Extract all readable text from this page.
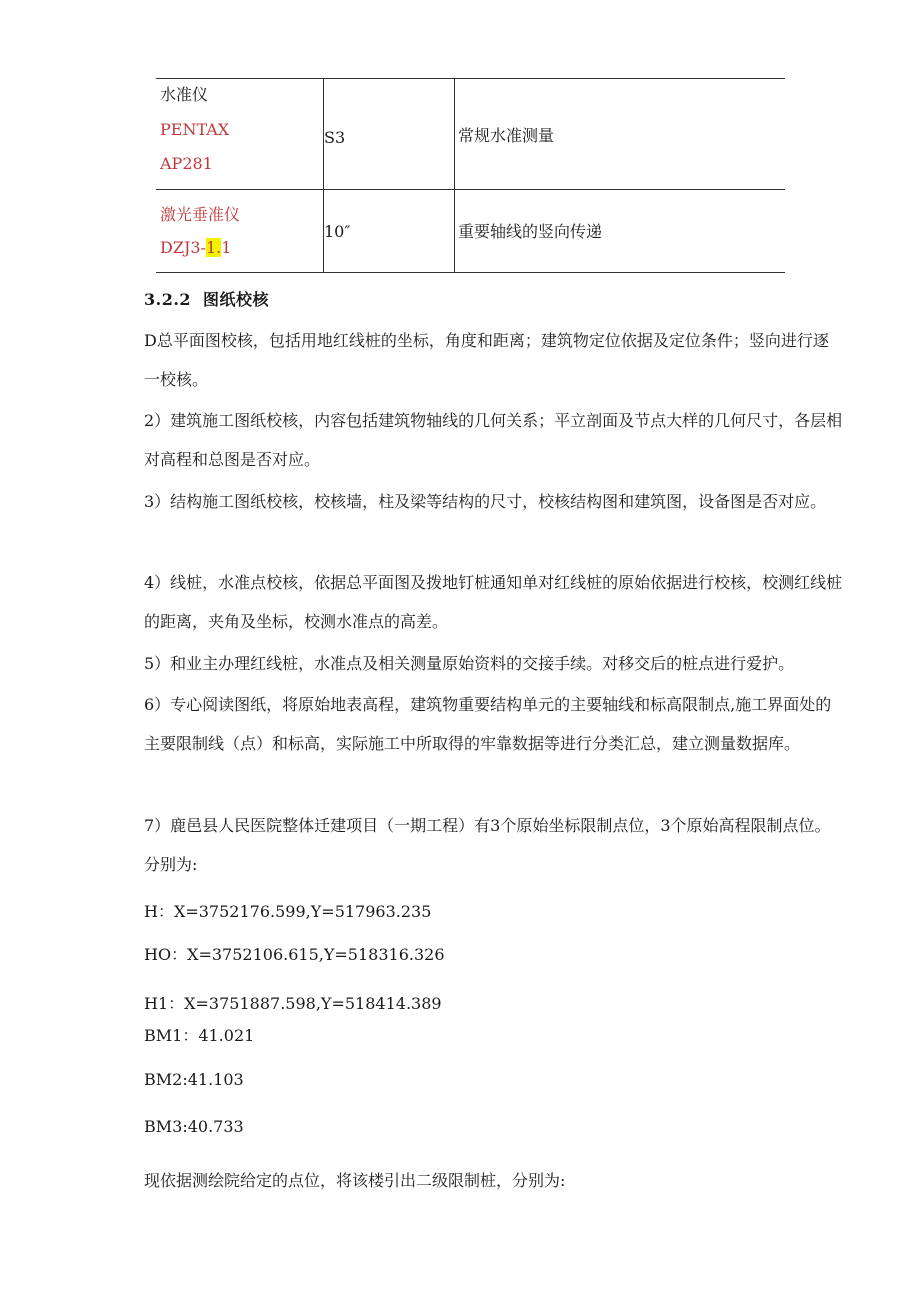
水准仪
PENTAX
AP281
S3	常规水准测量
激光垂准仪
DZJ3-1.1
10″	重要轴线的竖向传递
3.2.2 图纸校核
D总平面图校核，包括用地红线桩的坐标，角度和距离；建筑物定位依据及定位条件；竖向进行逐一校核。
2）建筑施工图纸校核，内容包括建筑物轴线的几何关系；平立剖面及节点大样的几何尺寸，各层相对高程和总图是否对应。
3）结构施工图纸校核，校核墙，柱及梁等结构的尺寸，校核结构图和建筑图，设备图是否对应。
4）线桩，水准点校核，依据总平面图及拨地钉桩通知单对红线桩的原始依据进行校核，校测红线桩的距离，夹角及坐标，校测水准点的高差。
5）和业主办理红线桩，水准点及相关测量原始资料的交接手续。对移交后的桩点进行爱护。
6）专心阅读图纸，将原始地表高程，建筑物重要结构单元的主要轴线和标高限制点,施工界面处的主要限制线（点）和标高，实际施工中所取得的牢靠数据等进行分类汇总，建立测量数据库。
7）鹿邑县人民医院整体迁建项目（一期工程）有3个原始坐标限制点位，3个原始高程限制点位。分别为:
H：X=3752176.599,Y=517963.235
HO：X=3752106.615,Y=518316.326
H1：X=3751887.598,Y=518414.389
BM1：41.021
BM2:41.103
BM3:40.733
现依据测绘院给定的点位，将该楼引出二级限制桩，分别为:
